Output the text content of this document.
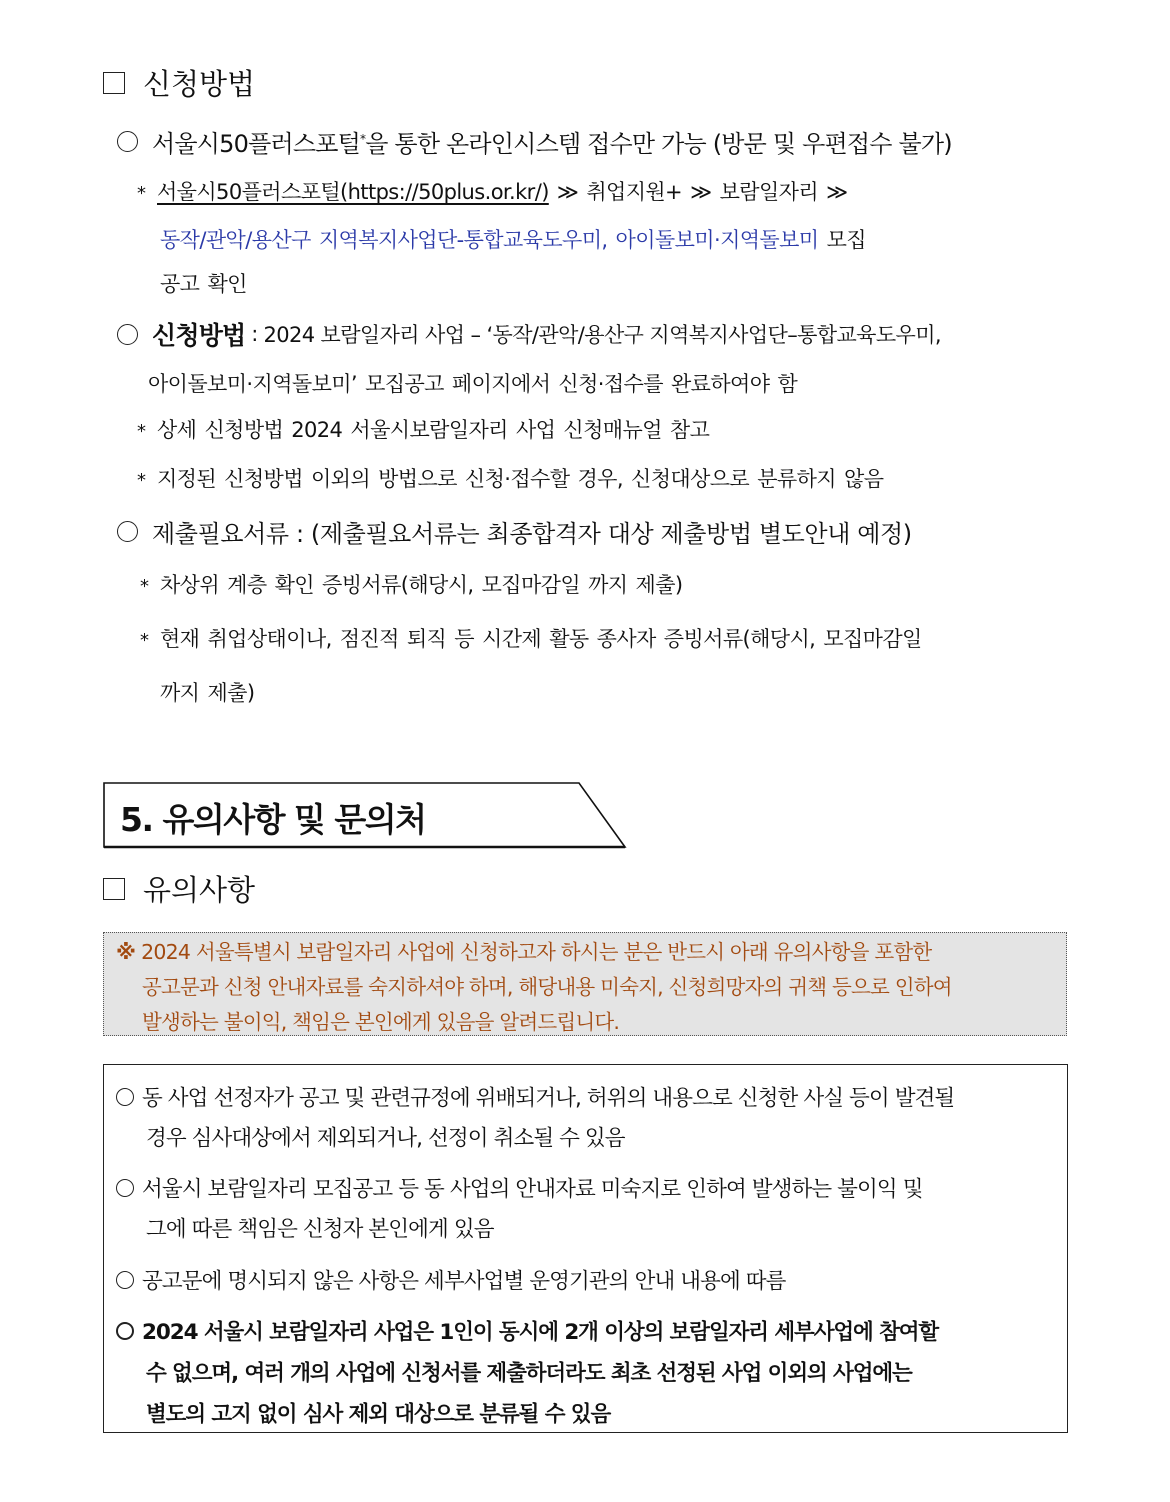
신청방법
서울시50플러스포털*을 통한 온라인시스템 접수만 가능 (방문 및 우편접수 불가)
* 서울시50플러스포털(https://50plus.or.kr/) ≫ 취업지원+ ≫ 보람일자리 ≫
동작/관악/용산구 지역복지사업단-통합교육도우미, 아이돌보미·지역돌보미 모집
공고 확인
신청방법 : 2024 보람일자리 사업 – ‘동작/관악/용산구 지역복지사업단–통합교육도우미,
아이돌보미·지역돌보미’ 모집공고 페이지에서 신청·접수를 완료하여야 함
* 상세 신청방법 2024 서울시보람일자리 사업 신청매뉴얼 참고
* 지정된 신청방법 이외의 방법으로 신청·접수할 경우, 신청대상으로 분류하지 않음
제출필요서류 : (제출필요서류는 최종합격자 대상 제출방법 별도안내 예정)
* 차상위 계층 확인 증빙서류(해당시, 모집마감일 까지 제출)
* 현재 취업상태이나, 점진적 퇴직 등 시간제 활동 종사자 증빙서류(해당시, 모집마감일
까지 제출)
5. 유의사항 및 문의처
유의사항
※ 2024 서울특별시 보람일자리 사업에 신청하고자 하시는 분은 반드시 아래 유의사항을 포함한
공고문과 신청 안내자료를 숙지하셔야 하며, 해당내용 미숙지, 신청희망자의 귀책 등으로 인하여
발생하는 불이익, 책임은 본인에게 있음을 알려드립니다.
동 사업 선정자가 공고 및 관련규정에 위배되거나, 허위의 내용으로 신청한 사실 등이 발견될
경우 심사대상에서 제외되거나, 선정이 취소될 수 있음
서울시 보람일자리 모집공고 등 동 사업의 안내자료 미숙지로 인하여 발생하는 불이익 및
그에 따른 책임은 신청자 본인에게 있음
공고문에 명시되지 않은 사항은 세부사업별 운영기관의 안내 내용에 따름
2024 서울시 보람일자리 사업은 1인이 동시에 2개 이상의 보람일자리 세부사업에 참여할
수 없으며, 여러 개의 사업에 신청서를 제출하더라도 최초 선정된 사업 이외의 사업에는
별도의 고지 없이 심사 제외 대상으로 분류될 수 있음
